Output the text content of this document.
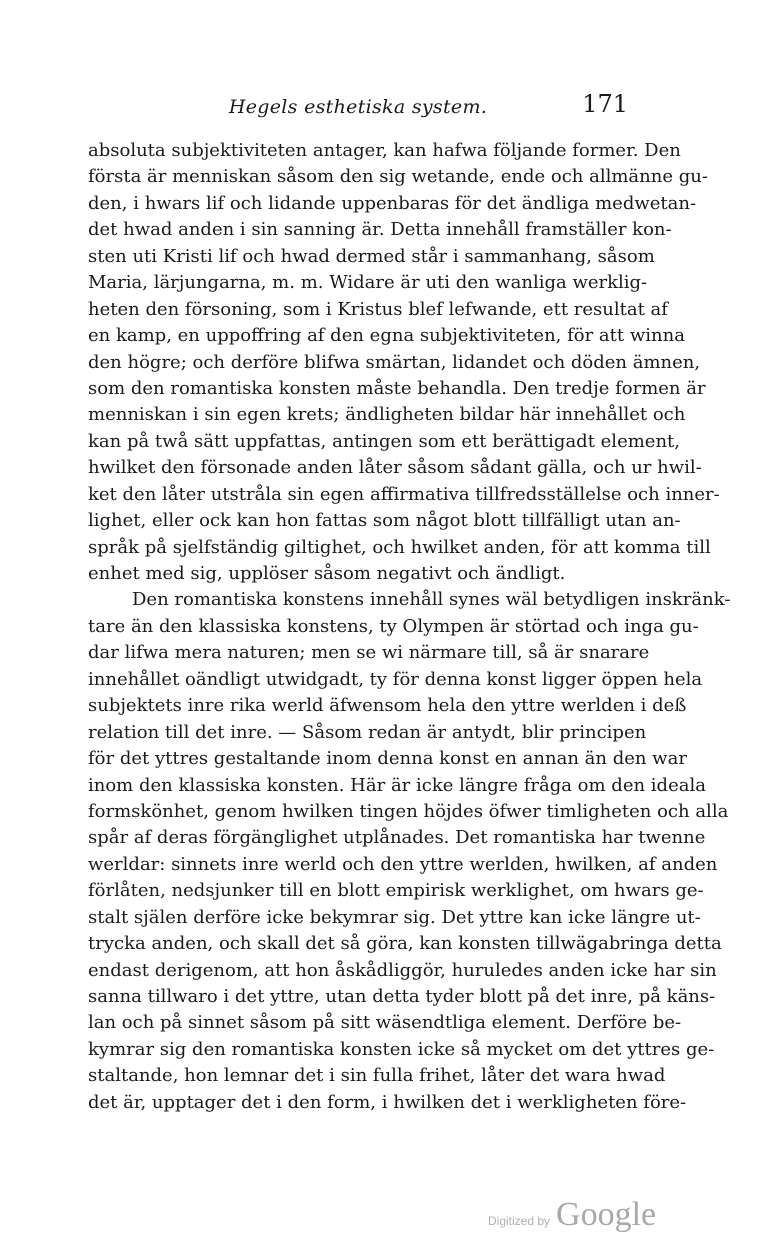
Hegels esthetiska system.	171
absoluta subjektiviteten antager, kan hafwa följande former. Den
första är menniskan såsom den sig wetande, ende och allmänne gu-
den, i hwars lif och lidande uppenbaras för det ändliga medwetan-
det hwad anden i sin sanning är. Detta innehåll framställer kon-
sten uti Kristi lif och hwad dermed står i sammanhang, såsom
Maria, lärjungarna, m. m. Widare är uti den wanliga werklig-
heten den försoning, som i Kristus blef lefwande, ett resultat af
en kamp, en uppoffring af den egna subjektiviteten, för att winna
den högre; och derföre blifwa smärtan, lidandet och döden ämnen,
som den romantiska konsten måste behandla. Den tredje formen är
menniskan i sin egen krets; ändligheten bildar här innehållet och
kan på twå sätt uppfattas, antingen som ett berättigadt element,
hwilket den försonade anden låter såsom sådant gälla, och ur hwil-
ket den låter utstråla sin egen affirmativa tillfredsställelse och inner-
lighet, eller ock kan hon fattas som något blott tillfälligt utan an-
språk på sjelfständig giltighet, och hwilket anden, för att komma till
enhet med sig, upplöser såsom negativt och ändligt.
Den romantiska konstens innehåll synes wäl betydligen inskränk-
tare än den klassiska konstens, ty Olympen är störtad och inga gu-
dar lifwa mera naturen; men se wi närmare till, så är snarare
innehållet oändligt utwidgadt, ty för denna konst ligger öppen hela
subjektets inre rika werld äfwensom hela den yttre werlden i deß
relation till det inre. — Såsom redan är antydt, blir principen
för det yttres gestaltande inom denna konst en annan än den war
inom den klassiska konsten. Här är icke längre fråga om den ideala
formskönhet, genom hwilken tingen höjdes öfwer timligheten och alla
spår af deras förgänglighet utplånades. Det romantiska har twenne
werldar: sinnets inre werld och den yttre werlden, hwilken, af anden
förlåten, nedsjunker till en blott empirisk werklighet, om hwars ge-
stalt själen derföre icke bekymrar sig. Det yttre kan icke längre ut-
trycka anden, och skall det så göra, kan konsten tillwägabringa detta
endast derigenom, att hon åskådliggör, huruledes anden icke har sin
sanna tillwaro i det yttre, utan detta tyder blott på det inre, på käns-
lan och på sinnet såsom på sitt wäsendtliga element. Derföre be-
kymrar sig den romantiska konsten icke så mycket om det yttres ge-
staltande, hon lemnar det i sin fulla frihet, låter det wara hwad
det är, upptager det i den form, i hwilken det i werkligheten före-
Digitized by Google
